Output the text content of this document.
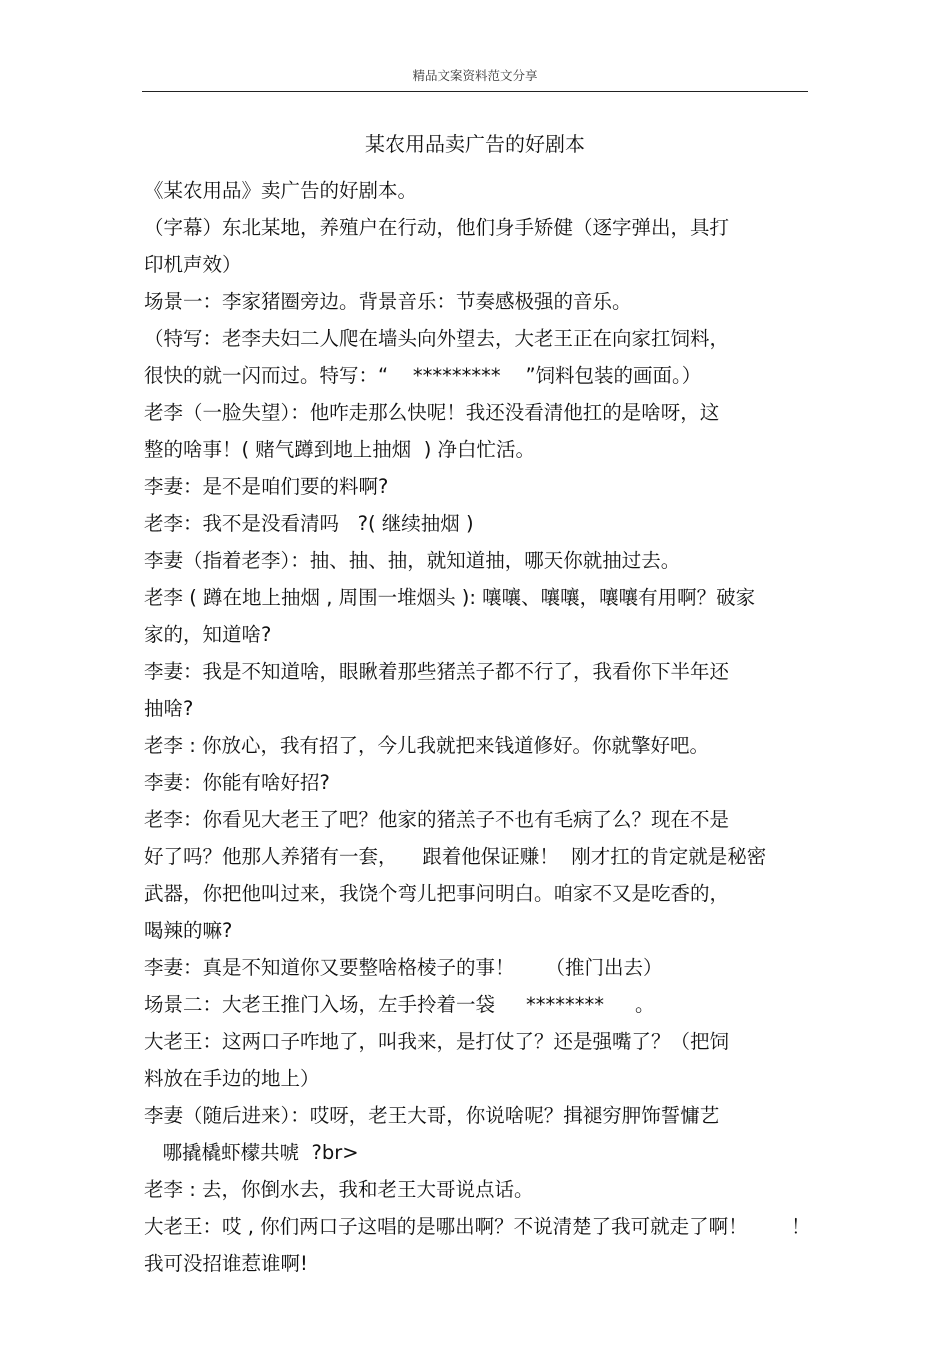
精品文案资料范文分享
某农用品卖广告的好剧本
《某农用品》卖广告的好剧本。
（字幕）东北某地，养殖户在行动，他们身手矫健（逐字弹出，具打
印机声效）
场景一：李家猪圈旁边。背景音乐：节奏感极强的音乐。
（特写：老李夫妇二人爬在墙头向外望去，大老王正在向家扛饲料，
很快的就一闪而过。特写：“    *********    ”饲料包装的画面。）
老李（一脸失望）：他咋走那么快呢！我还没看清他扛的是啥呀，这
整的啥事！( 赌气蹲到地上抽烟  ) 净白忙活。
李妻：是不是咱们要的料啊?
老李：我不是没看清吗   ?( 继续抽烟 )
李妻（指着老李）：抽、抽、抽，就知道抽，哪天你就抽过去。
老李 ( 蹲在地上抽烟 , 周围一堆烟头 ): 嚷嚷、嚷嚷，嚷嚷有用啊？破家
家的，知道啥?
李妻：我是不知道啥，眼瞅着那些猪羔子都不行了，我看你下半年还
抽啥?
老李 : 你放心，我有招了，今儿我就把来钱道修好。你就擎好吧。
李妻：你能有啥好招?
老李：你看见大老王了吧？他家的猪羔子不也有毛病了么？现在不是
好了吗？他那人养猪有一套，    跟着他保证赚！  刚才扛的肯定就是秘密
武器，你把他叫过来，我饶个弯儿把事问明白。咱家不又是吃香的，
喝辣的嘛?
李妻：真是不知道你又要整啥格棱子的事！     （推门出去）
场景二：大老王推门入场，左手拎着一袋     ********     。
大老王：这两口子咋地了，叫我来，是打仗了？还是强嘴了？（把饲
料放在手边的地上）
李妻（随后进来）：哎呀，老王大哥，你说啥呢？揖褪穷胛饰誓慵艺
哪撬橇虾檬共唬  ?br>
老李 : 去，你倒水去，我和老王大哥说点话。
大老王：哎 , 你们两口子这唱的是哪出啊？不说清楚了我可就走了啊！       ！
我可没招谁惹谁啊!
